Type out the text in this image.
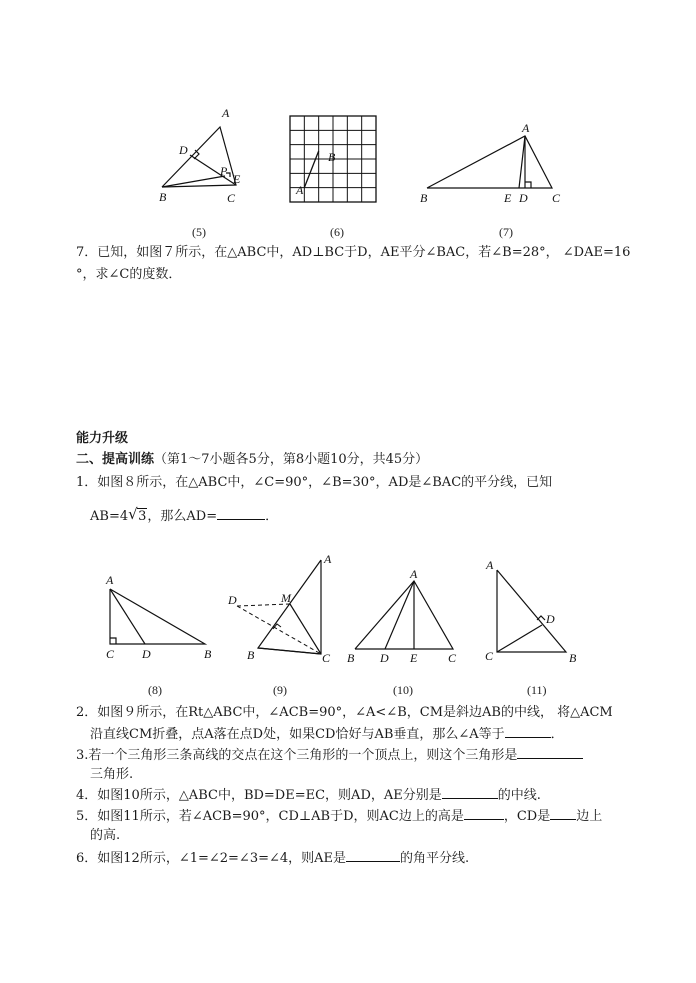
A
D
P
E
B	C
(5)
A
B
(6)
A
B	E D C
(7)
7．已知，如图７所示，在△ABC中，AD⊥BC于D，AE平分∠BAC，若∠B=28°， ∠DAE=16
°，求∠C的度数．
能力升级
二、提高训练（第1～7小题各5分，第8小题10分，共45分）
1．如图８所示，在△ABC中，∠C=90°，∠B=30°，AD是∠BAC的平分线，已知
AB=4 √ 3，那么AD=	．
A
C D	B
(8)
A
D	M
B	C
(9)
A
B D E	C
(10)
A
D
C	B
(11)
2．如图９所示，在Rt△ABC中，∠ACB=90°，∠A<∠B，CM是斜边AB的中线， 将△ACM
沿直线CM折叠，点A落在点D处，如果CD恰好与AB垂直，那么∠A等于	．
3.若一个三角形三条高线的交点在这个三角形的一个顶点上，则这个三角形是
三角形.
4．如图10所示，△ABC中，BD=DE=EC，则AD，AE分别是	的中线.
5．如图11所示，若∠ACB=90°，CD⊥AB于D，则AC边上的高是	，CD是 边上
的高.
6．如图12所示，∠1=∠2=∠3=∠4，则AE是	的角平分线.
